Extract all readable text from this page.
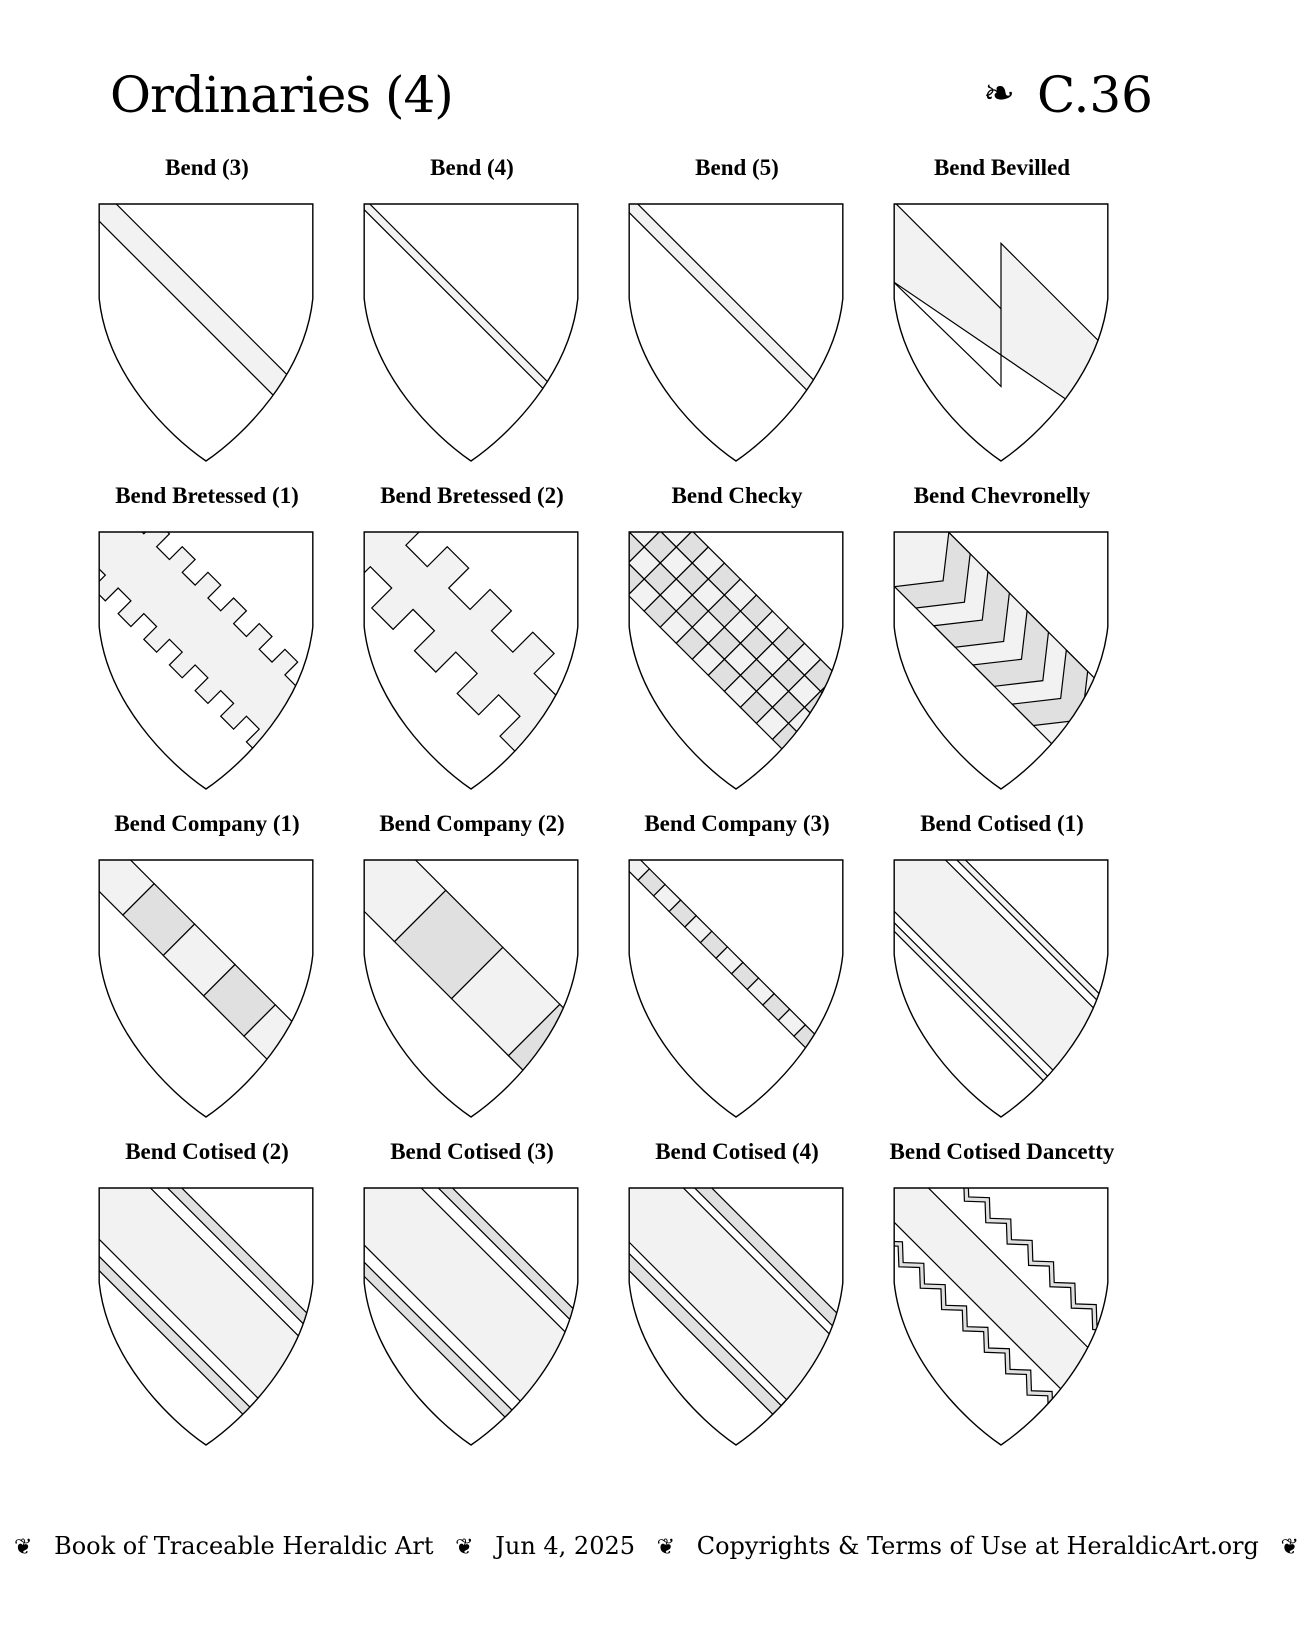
Ordinaries (4)	❧ C.36
Bend (3)	Bend (4)	Bend (5)	Bend Bevilled
Bend Bretessed (1)	Bend Bretessed (2)	Bend Checky	Bend Chevronelly
Bend Company (1)	Bend Company (2)	Bend Company (3)	Bend Cotised (1)
Bend Cotised (2)	Bend Cotised (3)	Bend Cotised (4)	Bend Cotised Dancetty
❦ Book of Traceable Heraldic Art ❦ Jun 4, 2025 ❦ Copyrights & Terms of Use at HeraldicArt.org ❦
